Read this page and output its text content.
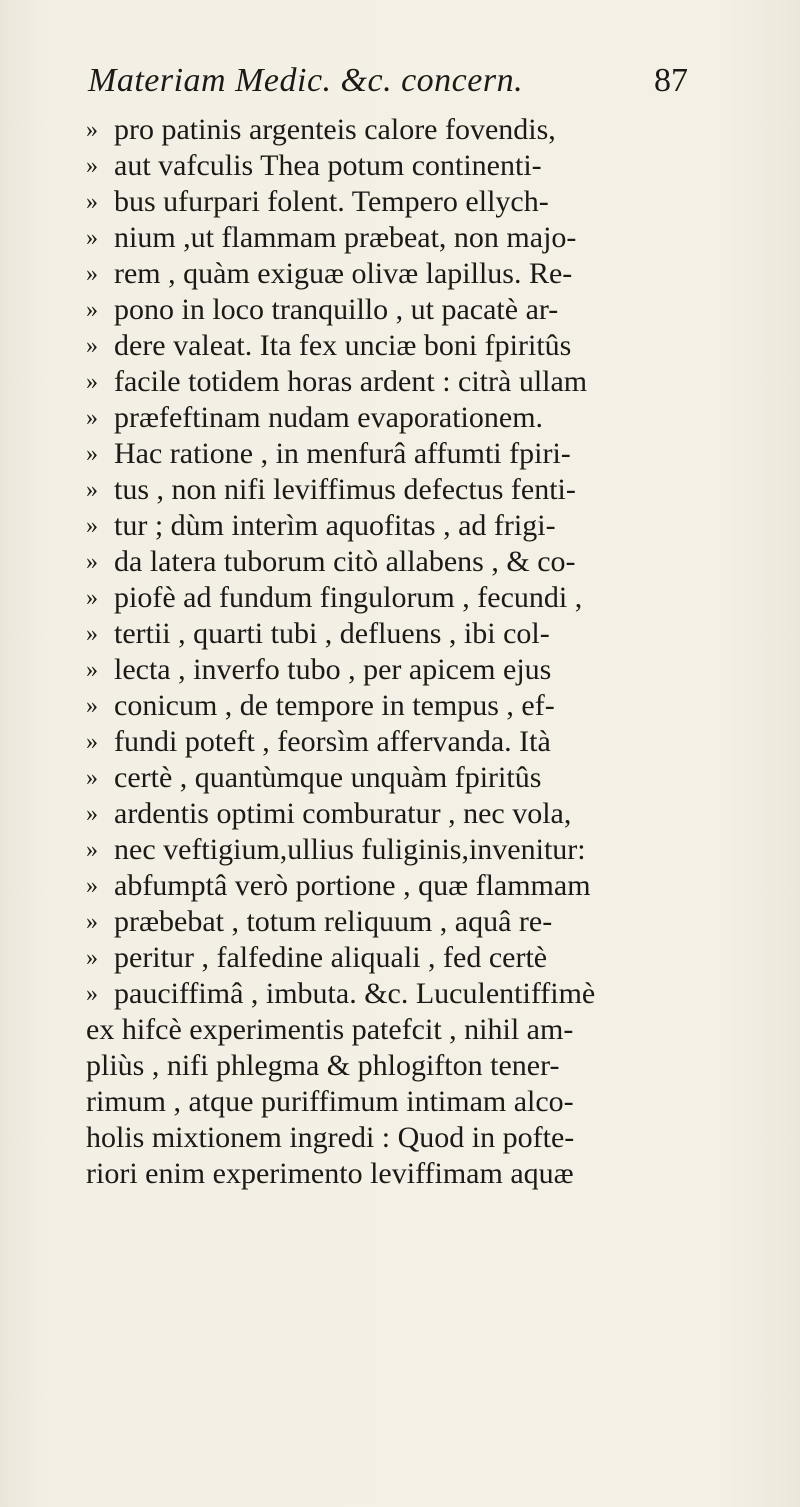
Materiam Medic. &c. concern.	87
» pro patinis argenteis calore fovendis,
» aut vafculis Thea potum continenti-
» bus ufurpari folent. Tempero ellych-
» nium ,ut flammam præbeat, non majo-
» rem , quàm exiguæ olivæ lapillus. Re-
» pono in loco tranquillo , ut pacatè ar-
» dere valeat. Ita fex unciæ boni fpiritûs
» facile totidem horas ardent : citrà ullam
» præfeftinam nudam evaporationem.
» Hac ratione , in menfurâ affumti fpiri-
» tus , non nifi leviffimus defectus fenti-
» tur ; dùm interìm aquofitas , ad frigi-
» da latera tuborum citò allabens , & co-
» piofè ad fundum fingulorum , fecundi ,
» tertii , quarti tubi , defluens , ibi col-
» lecta , inverfo tubo , per apicem ejus
» conicum , de tempore in tempus , ef-
» fundi poteft , feorsìm affervanda. Ità
» certè , quantùmque unquàm fpiritûs
» ardentis optimi comburatur , nec vola,
» nec veftigium,ullius fuliginis,invenitur:
» abfumptâ verò portione , quæ flammam
» præbebat , totum reliquum , aquâ re-
» peritur , falfedine aliquali , fed certè
» pauciffimâ , imbuta. &c. Luculentiffimè
ex hifcè experimentis patefcit , nihil am-
pliùs , nifi phlegma & phlogifton tener-
rimum , atque puriffimum intimam alco-
holis mixtionem ingredi : Quod in pofte-
riori enim experimento leviffimam aquæ
